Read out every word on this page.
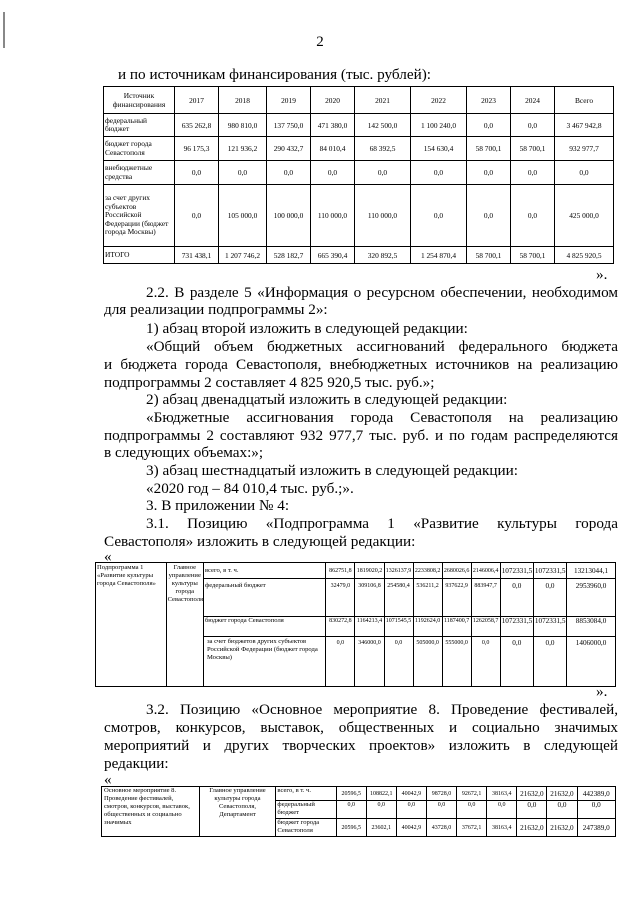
2
и по источникам финансирования (тыс. рублей):
Источник финансирования	2017	2018	2019	2020	2021	2022	2023	2024	Всего
федеральный бюджет	635 262,8	980 810,0	137 750,0	471 380,0	142 500,0	1 100 240,0	0,0	0,0	3 467 942,8
бюджет города Севастополя	96 175,3	121 936,2	290 432,7	84 010,4	68 392,5	154 630,4	58 700,1	58 700,1	932 977,7
внебюджетные средства	0,0	0,0	0,0	0,0	0,0	0,0	0,0	0,0	0,0
за счет других субъектов Российской Федерации (бюджет города Москвы)	0,0	105 000,0	100 000,0	110 000,0	110 000,0	0,0	0,0	0,0	425 000,0
ИТОГО	731 438,1	1 207 746,2	528 182,7	665 390,4	320 892,5	1 254 870,4	58 700,1	58 700,1	4 825 920,5
».
2.2. В разделе 5 «Информация о ресурсном обеспечении, необходимом
для реализации подпрограммы 2»:
1) абзац второй изложить в следующей редакции:
«Общий объем бюджетных ассигнований федерального бюджета
и бюджета города Севастополя, внебюджетных источников на реализацию
подпрограммы 2 составляет 4 825 920,5 тыс. руб.»;
2) абзац двенадцатый изложить в следующей редакции:
«Бюджетные ассигнования города Севастополя на реализацию
подпрограммы 2 составляют 932 977,7 тыс. руб. и по годам распределяются
в следующих объемах:»;
3) абзац шестнадцатый изложить в следующей редакции:
«2020 год – 84 010,4 тыс. руб.;».
3. В приложении № 4:
3.1. Позицию «Подпрограмма 1 «Развитие культуры города
Севастополя» изложить в следующей редакции:
«
Подпрограмма 1 «Развитие культуры города Севастополя»	Главное управление культуры города Севастополя	всего, в т. ч.	862751,8	1819020,2	1326137,9	2233808,2	2680026,6	2146006,4	1072331,5	1072331,5	13213044,1
		федеральный бюджет	32479,0	309106,8	254580,4	536211,2	937622,9	883947,7	0,0	0,0	2953960,0
		бюджет города Севастополя	830272,8	1164213,4	1071545,5	1192624,0	1187400,7	1262058,7	1072331,5	1072331,5	8853084,0
		за счет бюджетов других субъектов Российской Федерации (бюджет города Москвы)	0,0	346000,0	0,0	505000,0	555000,0	0,0	0,0	0,0	1406000,0
».
3.2. Позицию «Основное мероприятие 8. Проведение фестивалей,
смотров, конкурсов, выставок, общественных и социально значимых
мероприятий и других творческих проектов» изложить в следующей
редакции:
«
Основное мероприятие 8. Проведение фестивалей, смотров, конкурсов, выставок, общественных и социально значимых	Главное управление культуры города Севастополя, Департамент	всего, в т. ч.	20596,5	108822,1	40042,9	98728,0	92672,1	38163,4	21632,0	21632,0	442389,0
		федеральный бюджет	0,0	0,0	0,0	0,0	0,0	0,0	0,0	0,0	0,0
		бюджет города Севастополя	20596,5	23602,1	40042,9	43728,0	37672,1	38163,4	21632,0	21632,0	247389,0
